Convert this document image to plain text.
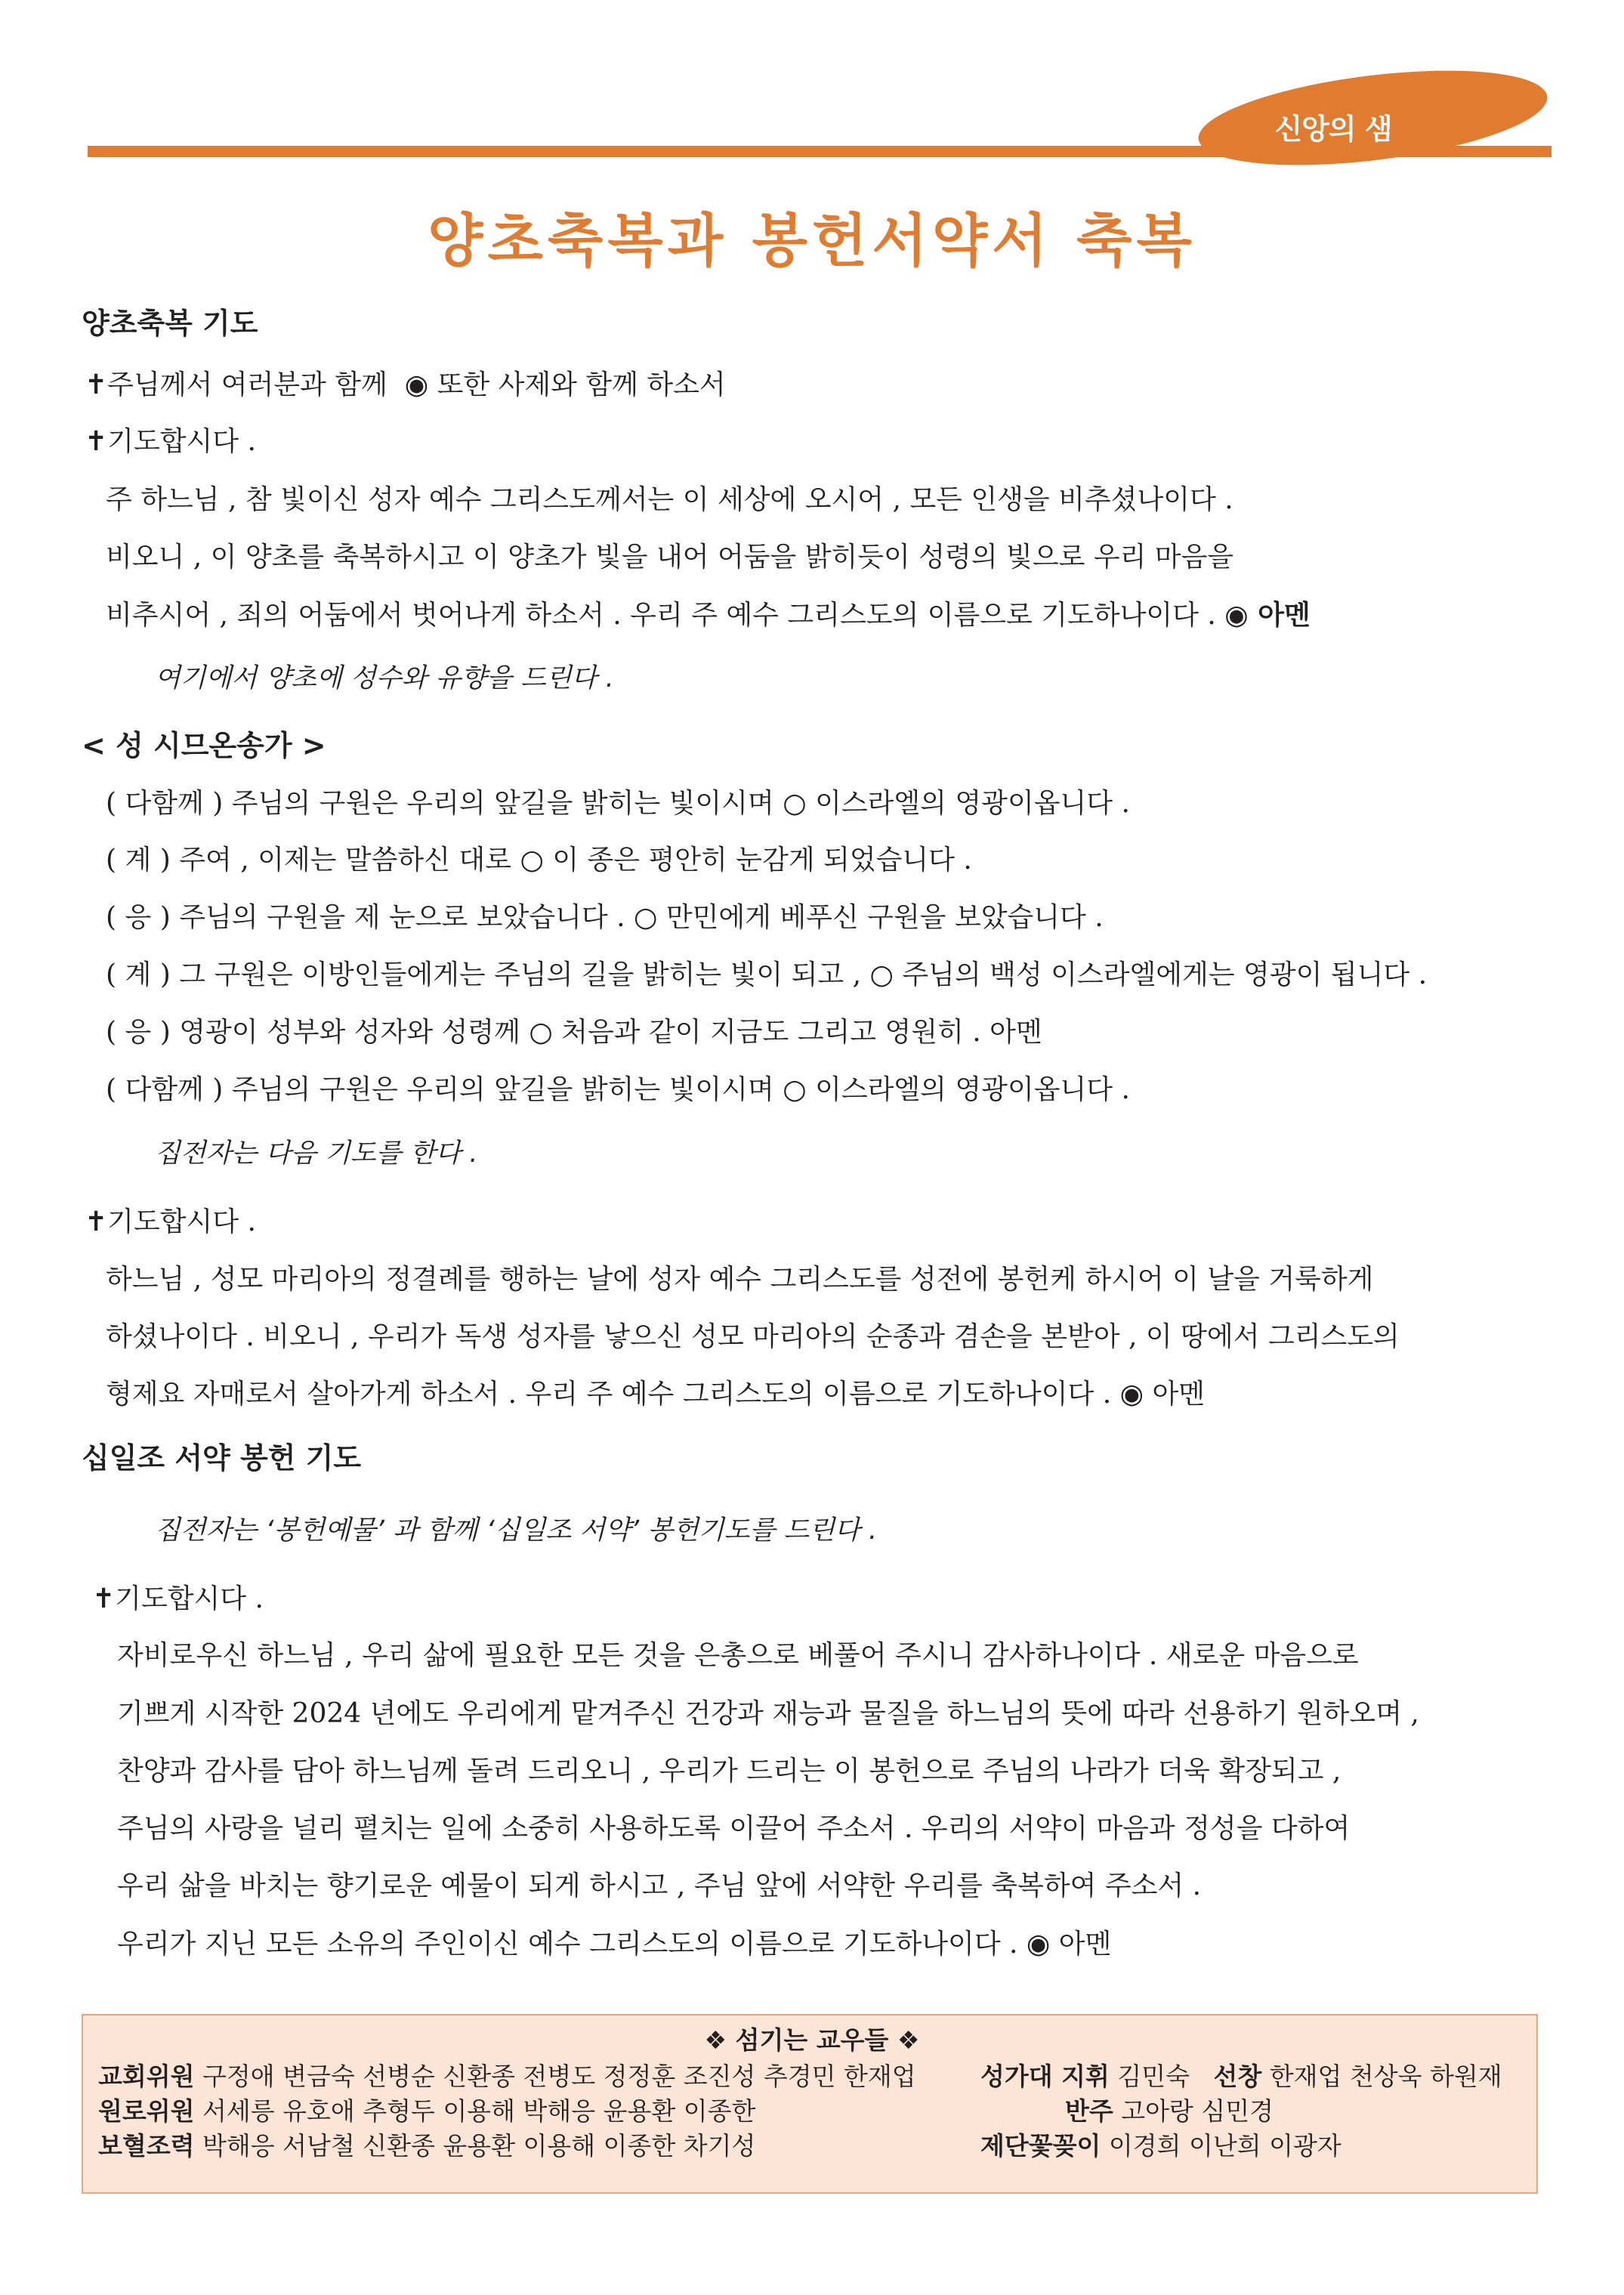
신앙의 샘
양초축복과 봉헌서약서 축복
양초축복 기도
✝주님께서 여러분과 함께 ◉ 또한 사제와 함께 하소서
✝기도합시다 .
주 하느님 , 참 빛이신 성자 예수 그리스도께서는 이 세상에 오시어 , 모든 인생을 비추셨나이다 .
비오니 , 이 양초를 축복하시고 이 양초가 빛을 내어 어둠을 밝히듯이 성령의 빛으로 우리 마음을
비추시어 , 죄의 어둠에서 벗어나게 하소서 . 우리 주 예수 그리스도의 이름으로 기도하나이다 . ◉ 아멘
여기에서 양초에 성수와 유향을 드린다 .
< 성 시므온송가 >
( 다함께 ) 주님의 구원은 우리의 앞길을 밝히는 빛이시며 ○ 이스라엘의 영광이옵니다 .
( 계 ) 주여 , 이제는 말씀하신 대로 ○ 이 종은 평안히 눈감게 되었습니다 .
( 응 ) 주님의 구원을 제 눈으로 보았습니다 . ○ 만민에게 베푸신 구원을 보았습니다 .
( 계 ) 그 구원은 이방인들에게는 주님의 길을 밝히는 빛이 되고 , ○ 주님의 백성 이스라엘에게는 영광이 됩니다 .
( 응 ) 영광이 성부와 성자와 성령께 ○ 처음과 같이 지금도 그리고 영원히 . 아멘
( 다함께 ) 주님의 구원은 우리의 앞길을 밝히는 빛이시며 ○ 이스라엘의 영광이옵니다 .
집전자는 다음 기도를 한다 .
✝기도합시다 .
하느님 , 성모 마리아의 정결례를 행하는 날에 성자 예수 그리스도를 성전에 봉헌케 하시어 이 날을 거룩하게
하셨나이다 . 비오니 , 우리가 독생 성자를 낳으신 성모 마리아의 순종과 겸손을 본받아 , 이 땅에서 그리스도의
형제요 자매로서 살아가게 하소서 . 우리 주 예수 그리스도의 이름으로 기도하나이다 . ◉ 아멘
십일조 서약 봉헌 기도
집전자는 ‘봉헌예물’ 과 함께 ‘십일조 서약’ 봉헌기도를 드린다 .
✝기도합시다 .
자비로우신 하느님 , 우리 삶에 필요한 모든 것을 은총으로 베풀어 주시니 감사하나이다 . 새로운 마음으로
기쁘게 시작한 2024 년에도 우리에게 맡겨주신 건강과 재능과 물질을 하느님의 뜻에 따라 선용하기 원하오며 ,
찬양과 감사를 담아 하느님께 돌려 드리오니 , 우리가 드리는 이 봉헌으로 주님의 나라가 더욱 확장되고 ,
주님의 사랑을 널리 펼치는 일에 소중히 사용하도록 이끌어 주소서 . 우리의 서약이 마음과 정성을 다하여
우리 삶을 바치는 향기로운 예물이 되게 하시고 , 주님 앞에 서약한 우리를 축복하여 주소서 .
우리가 지닌 모든 소유의 주인이신 예수 그리스도의 이름으로 기도하나이다 . ◉ 아멘
❖ 섬기는 교우들 ❖
교회위원 구정애 변금숙 선병순 신환종 전병도 정정훈 조진성 추경민 한재업
원로위원 서세릉 유호애 추형두 이용해 박해응 윤용환 이종한
보혈조력 박해응 서남철 신환종 윤용환 이용해 이종한 차기성
성가대 지휘 김민숙 선창 한재업 천상욱 하원재
반주 고아랑 심민경
제단꽃꽂이 이경희 이난희 이광자
